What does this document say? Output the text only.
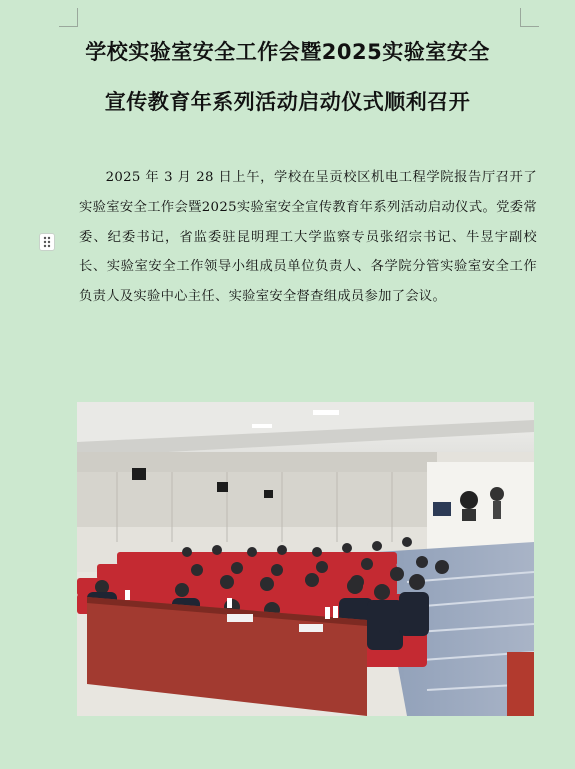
学校实验室安全工作会暨2025实验室安全
宣传教育年系列活动启动仪式顺利召开
2025 年 3 月 28 日上午，学校在呈贡校区机电工程学院报告厅召开了实验室安全工作会暨2025实验室安全宣传教育年系列活动启动仪式。党委常委、纪委书记，省监委驻昆明理工大学监察专员张绍宗书记、牛昱宇副校长、实验室安全工作领导小组成员单位负责人、各学院分管实验室安全工作负责人及实验中心主任、实验室安全督查组成员参加了会议。
